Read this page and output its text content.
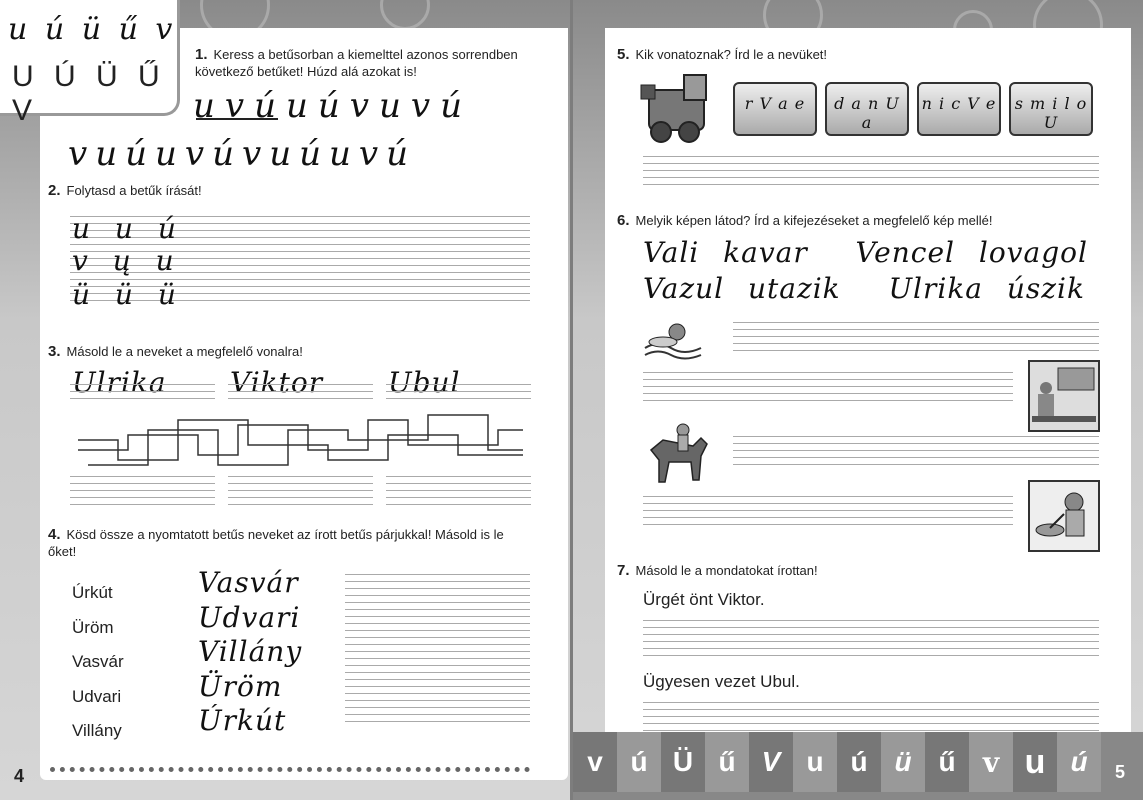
u ú ü ű v
U Ú Ü Ű V
1. Keress a betűsorban a kiemelttel azonos sorrendben következő betűket! Húzd alá azokat is!
uvúuúvuvú
vuúuvúvuúuvú
2. Folytasd a betűk írását!
u u ú
v ų u
ü ü ü
3. Másold le a neveket a megfelelő vonalra!
Ulrika Viktor Ubul
4. Kösd össze a nyomtatott betűs neveket az írott betűs párjukkal! Másold is le őket!
Úrkút
Üröm
Vasvár
Udvari
Villány
Vasvár
Udvari
Villány
Üröm
Úrkút
4
5. Kik vonatoznak? Írd le a nevüket!
r V a e	d a n U a
n i c V e s m i l o U
6. Melyik képen látod? Írd a kifejezéseket a megfelelő kép mellé!
Vali kavar  Vencel lovagol
Vazul utazik  Ulrika úszik
7. Másold le a mondatokat írottan!
Ürgét önt Viktor.
Ügyesen vezet Ubul.
v ú Ü ű V u ú ü ű v u ú	5
